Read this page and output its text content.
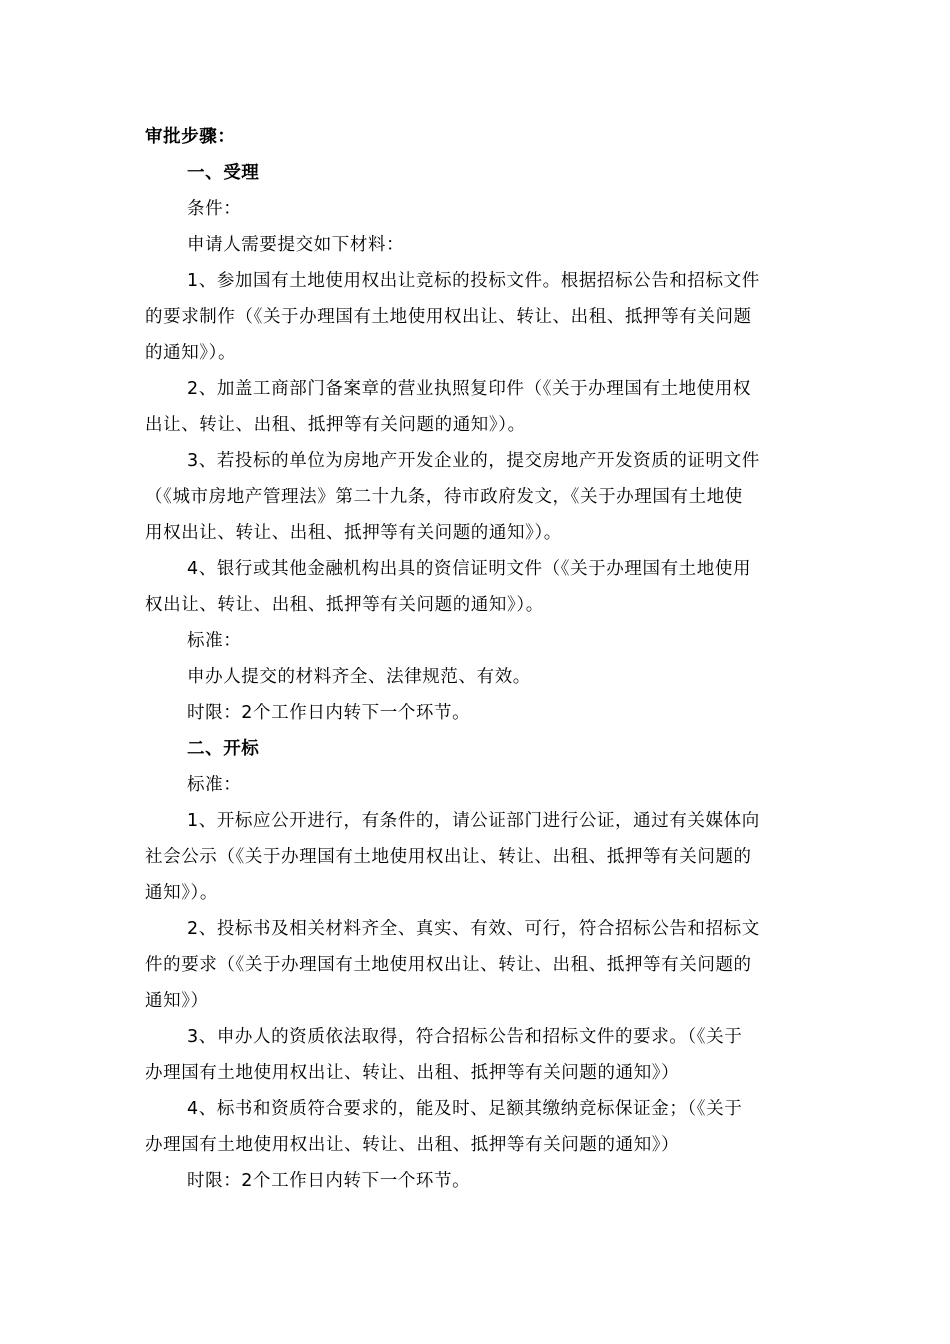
审批步骤：
一、受理
条件：
申请人需要提交如下材料：
1、参加国有土地使用权出让竞标的投标文件。根据招标公告和招标文件
的要求制作（《关于办理国有土地使用权出让、转让、出租、抵押等有关问题
的通知》）。
2、加盖工商部门备案章的营业执照复印件（《关于办理国有土地使用权
出让、转让、出租、抵押等有关问题的通知》）。
3、若投标的单位为房地产开发企业的，提交房地产开发资质的证明文件
（《城市房地产管理法》第二十九条，待市政府发文，《关于办理国有土地使
用权出让、转让、出租、抵押等有关问题的通知》）。
4、银行或其他金融机构出具的资信证明文件（《关于办理国有土地使用
权出让、转让、出租、抵押等有关问题的通知》）。
标准：
申办人提交的材料齐全、法律规范、有效。
时限：2个工作日内转下一个环节。
二、开标
标准：
1、开标应公开进行，有条件的，请公证部门进行公证，通过有关媒体向
社会公示（《关于办理国有土地使用权出让、转让、出租、抵押等有关问题的
通知》）。
2、投标书及相关材料齐全、真实、有效、可行，符合招标公告和招标文
件的要求（《关于办理国有土地使用权出让、转让、出租、抵押等有关问题的
通知》）
3、申办人的资质依法取得，符合招标公告和招标文件的要求。（《关于
办理国有土地使用权出让、转让、出租、抵押等有关问题的通知》）
4、标书和资质符合要求的，能及时、足额其缴纳竞标保证金；（《关于
办理国有土地使用权出让、转让、出租、抵押等有关问题的通知》）
时限：2个工作日内转下一个环节。
